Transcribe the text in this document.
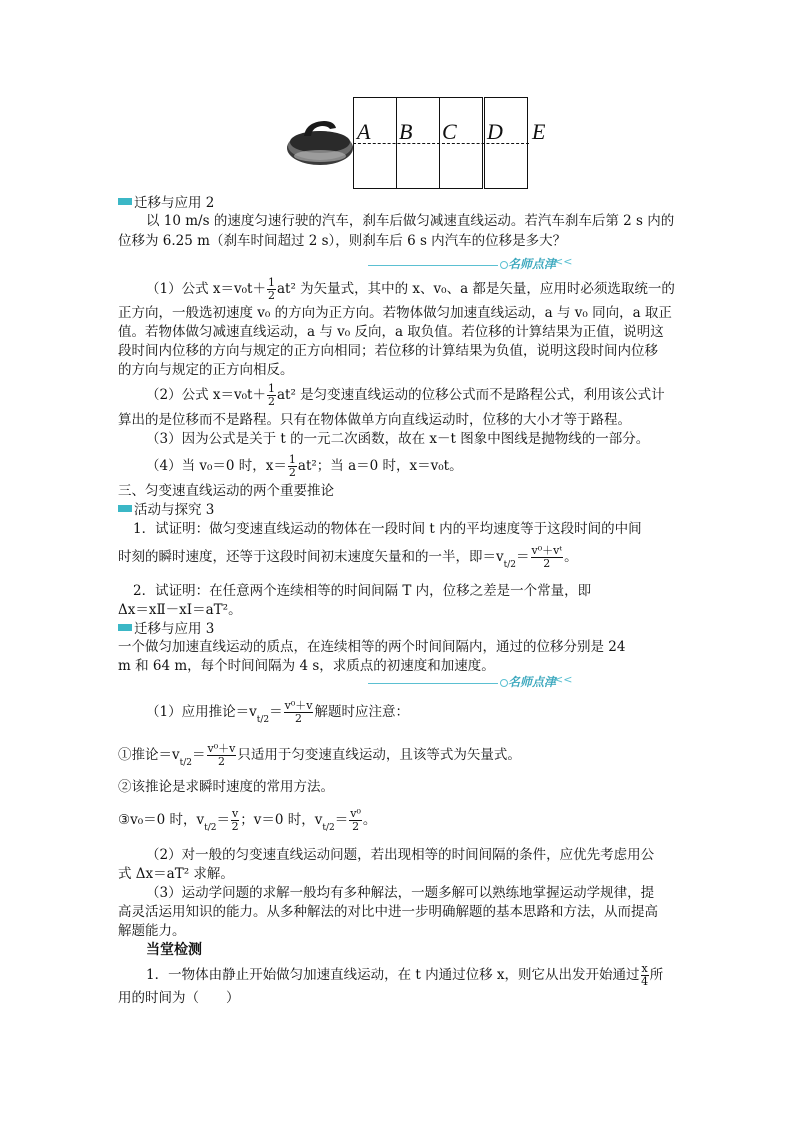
A B C D E
迁移与应用 2
以 10 m/s 的速度匀速行驶的汽车，刹车后做匀减速直线运动。若汽车刹车后第 2 s 内的
位移为 6.25 m（刹车时间超过 2 s），则刹车后 6 s 内汽车的位移是多大？
名师点津
<<
（1）公式 $x=v_0t+ \frac{1}{2} at^2$ 为矢量式，其中的 x、v₀、a 都是矢量，应用时必须选取统一的
正方向，一般选初速度 v₀ 的方向为正方向。若物体做匀加速直线运动，a 与 v₀ 同向，a 取正
值。若物体做匀减速直线运动，a 与 v₀ 反向，a 取负值。若位移的计算结果为正值，说明这
段时间内位移的方向与规定的正方向相同；若位移的计算结果为负值，说明这段时间内位移
的方向与规定的正方向相反。
（2）公式 $x=v_0t+ \frac{1}{2} at^2$ 是匀变速直线运动的位移公式而不是路程公式，利用该公式计
算出的是位移而不是路程。只有在物体做单方向直线运动时，位移的大小才等于路程。
（3）因为公式是关于 t 的一元二次函数，故在 x－t 图象中图线是抛物线的一部分。
（4）当 v₀＝0 时，$x= \frac{1}{2} at^2$；当 a＝0 时，x＝v₀t。
三、匀变速直线运动的两个重要推论
活动与探究 3
1．试证明：做匀变速直线运动的物体在一段时间 t 内的平均速度等于这段时间的中间
时刻的瞬时速度，还等于这段时间初末速度矢量和的一半，即$=v_{t/2}= \frac{\text{v⁰＋vᵗ}}{2}$ 。
2．试证明：在任意两个连续相等的时间间隔 T 内，位移之差是一个常量，即
Δx＝xⅡ－xⅠ＝aT²。
迁移与应用 3
一个做匀加速直线运动的质点，在连续相等的两个时间间隔内，通过的位移分别是 24
m 和 64 m，每个时间间隔为 4 s，求质点的初速度和加速度。
名师点津
<<
（1）应用推论$=v_{t/2}= \frac{\text{v⁰＋v}}{2}$ 解题时应注意：
①推论$=v_{t/2}= \frac{\text{v⁰＋v}}{2}$ 只适用于匀变速直线运动，且该等式为矢量式。
②该推论是求瞬时速度的常用方法。
③v₀＝0 时，$v_{t/2}= \frac{v}{2}$ ；v＝0 时，$v_{t/2}= \frac{\text{v⁰}}{2}$ 。
（2）对一般的匀变速直线运动问题，若出现相等的时间间隔的条件，应优先考虑用公
式 Δx＝aT² 求解。
（3）运动学问题的求解一般均有多种解法，一题多解可以熟练地掌握运动学规律，提
高灵活运用知识的能力。从多种解法的对比中进一步明确解题的基本思路和方法，从而提高
解题能力。
当堂检测
1．一物体由静止开始做匀加速直线运动，在 t 内通过位移 x，则它从出发开始通过 $\frac{x}{4}$ 所
用的时间为（　　）
